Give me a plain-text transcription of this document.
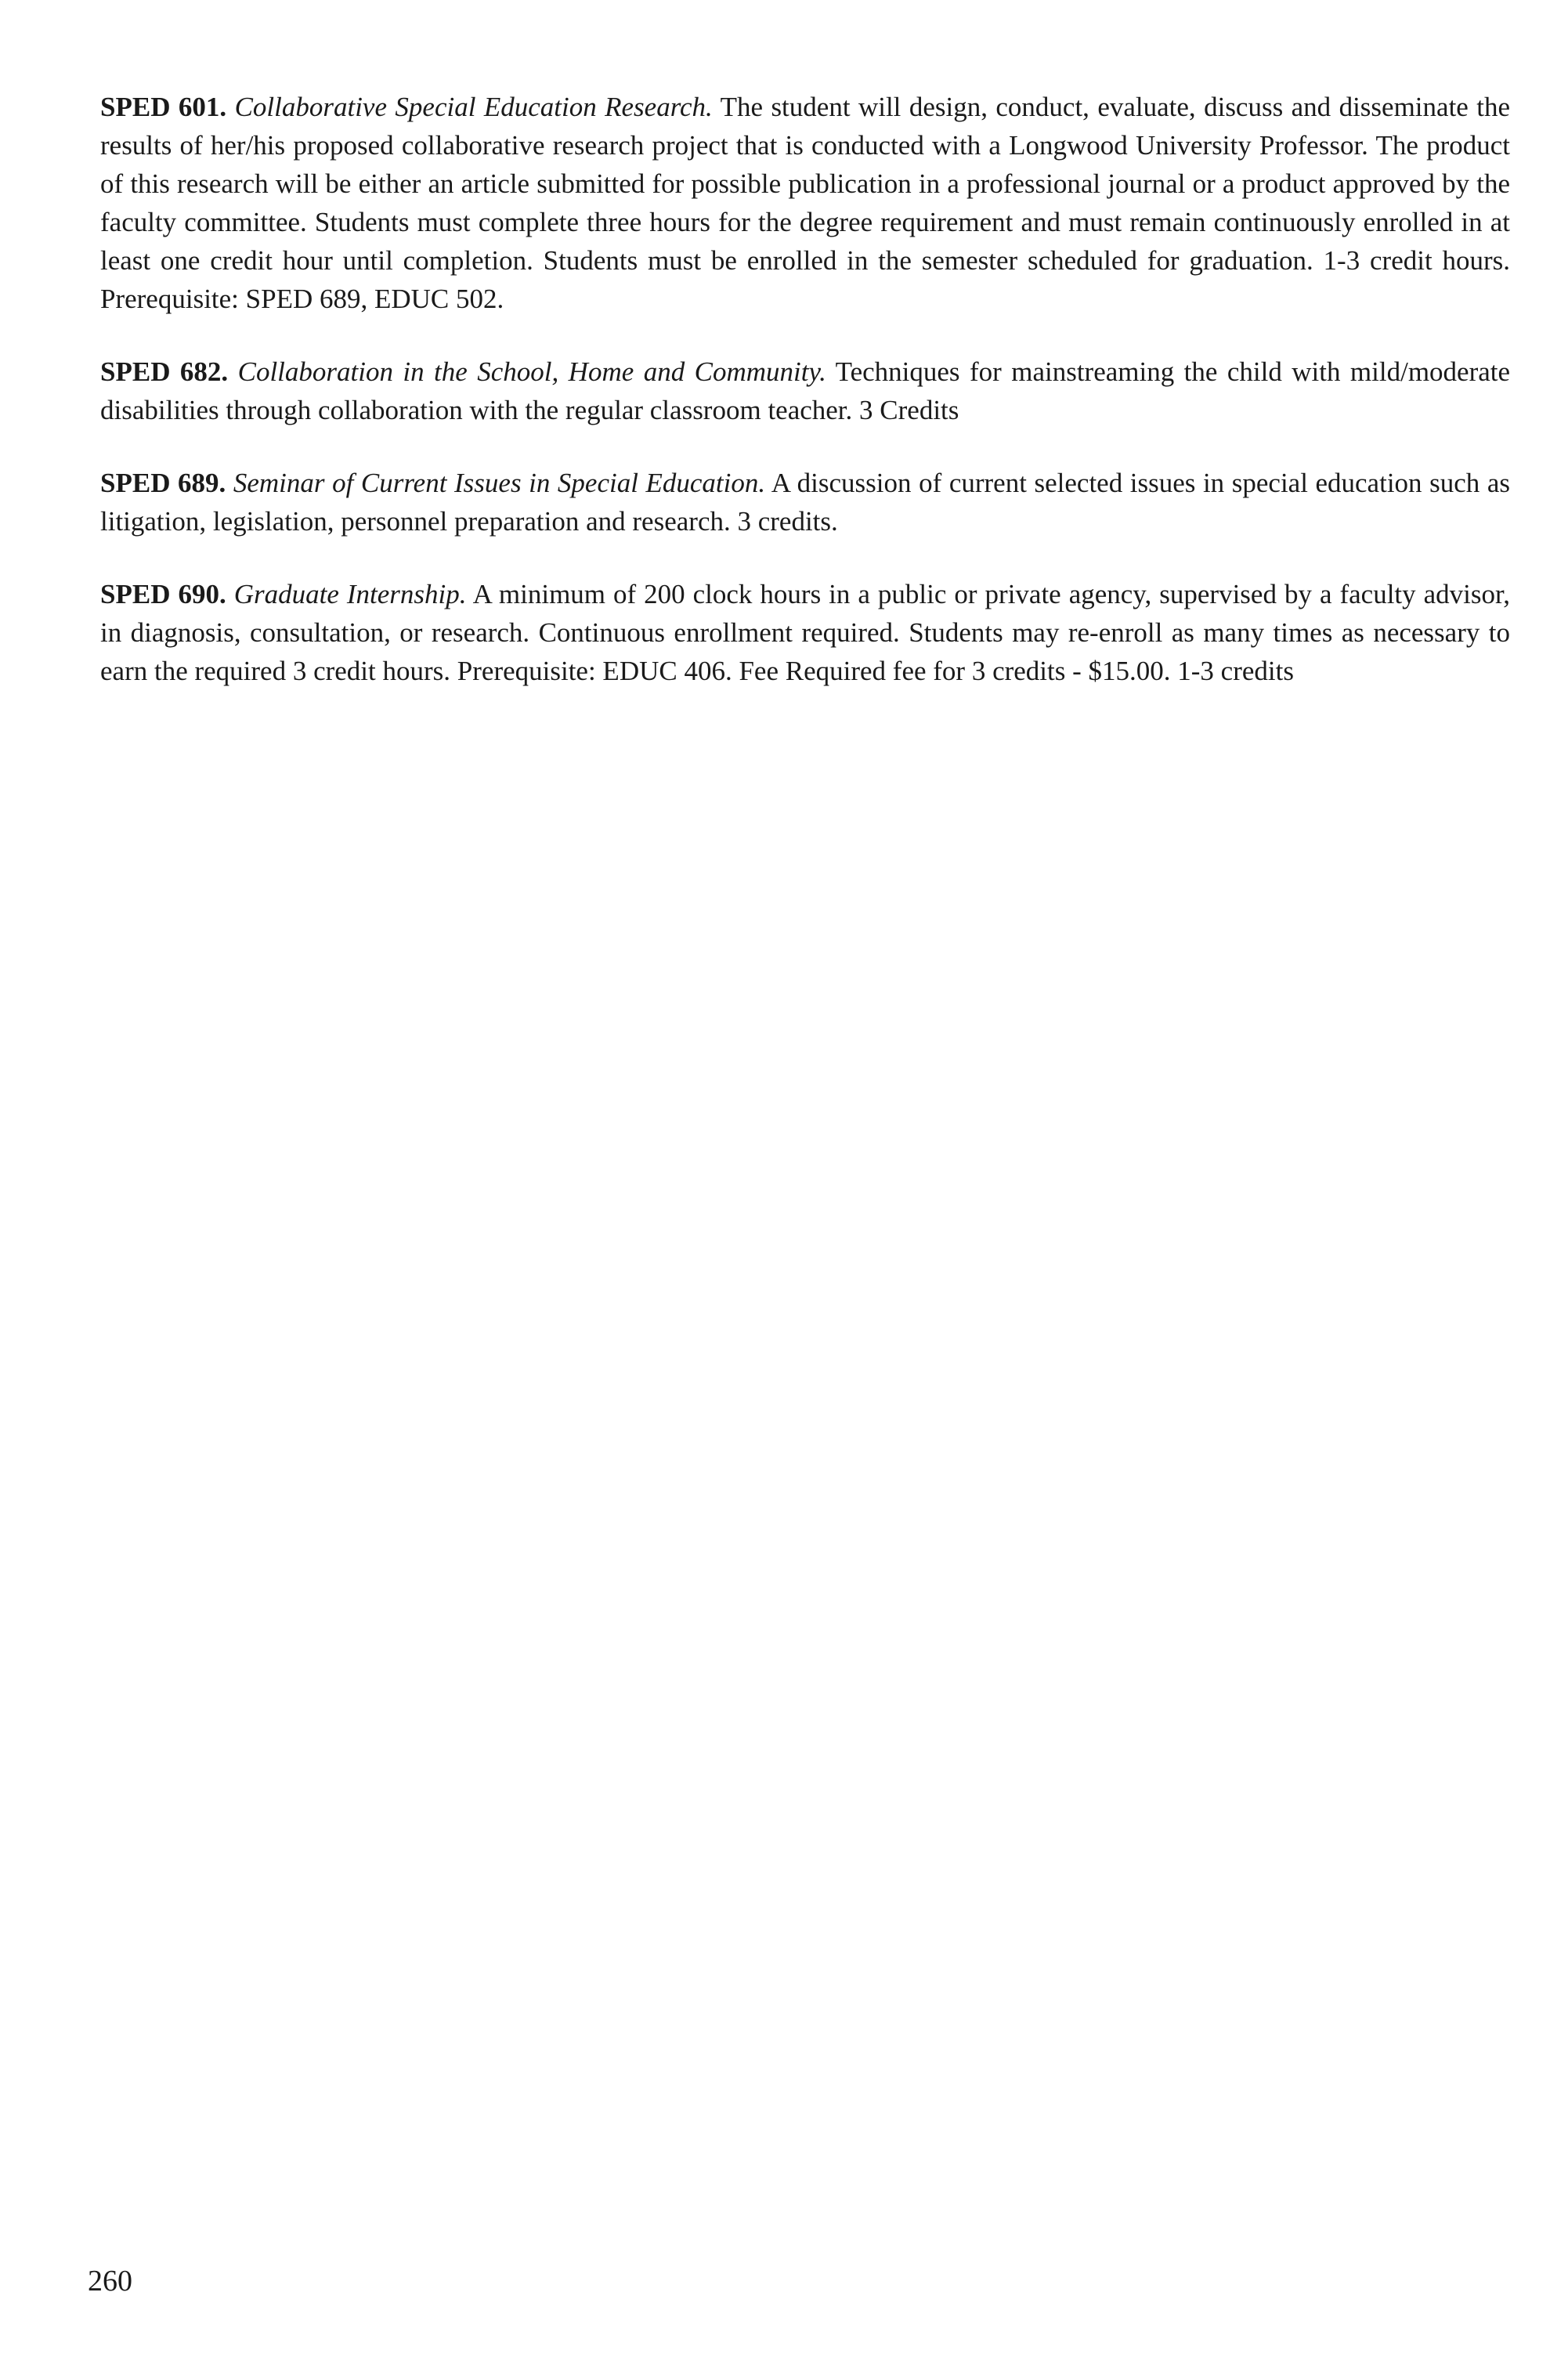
SPED 601. Collaborative Special Education Research. The student will design, conduct, evaluate, discuss and disseminate the results of her/his proposed collaborative research project that is conducted with a Longwood University Professor. The product of this research will be either an article submitted for possible publication in a professional journal or a product approved by the faculty committee. Students must complete three hours for the degree requirement and must remain continuously enrolled in at least one credit hour until completion. Students must be enrolled in the semester scheduled for graduation. 1-3 credit hours. Prerequisite: SPED 689, EDUC 502.

SPED 682. Collaboration in the School, Home and Community. Techniques for mainstreaming the child with mild/moderate disabilities through collaboration with the regular classroom teacher. 3 Credits

SPED 689. Seminar of Current Issues in Special Education. A discussion of current selected issues in special education such as litigation, legislation, personnel preparation and research. 3 credits.

SPED 690. Graduate Internship. A minimum of 200 clock hours in a public or private agency, supervised by a faculty advisor, in diagnosis, consultation, or research. Continuous enrollment required. Students may re-enroll as many times as necessary to earn the required 3 credit hours. Prerequisite: EDUC 406. Fee Required fee for 3 credits - $15.00. 1-3 credits

260
